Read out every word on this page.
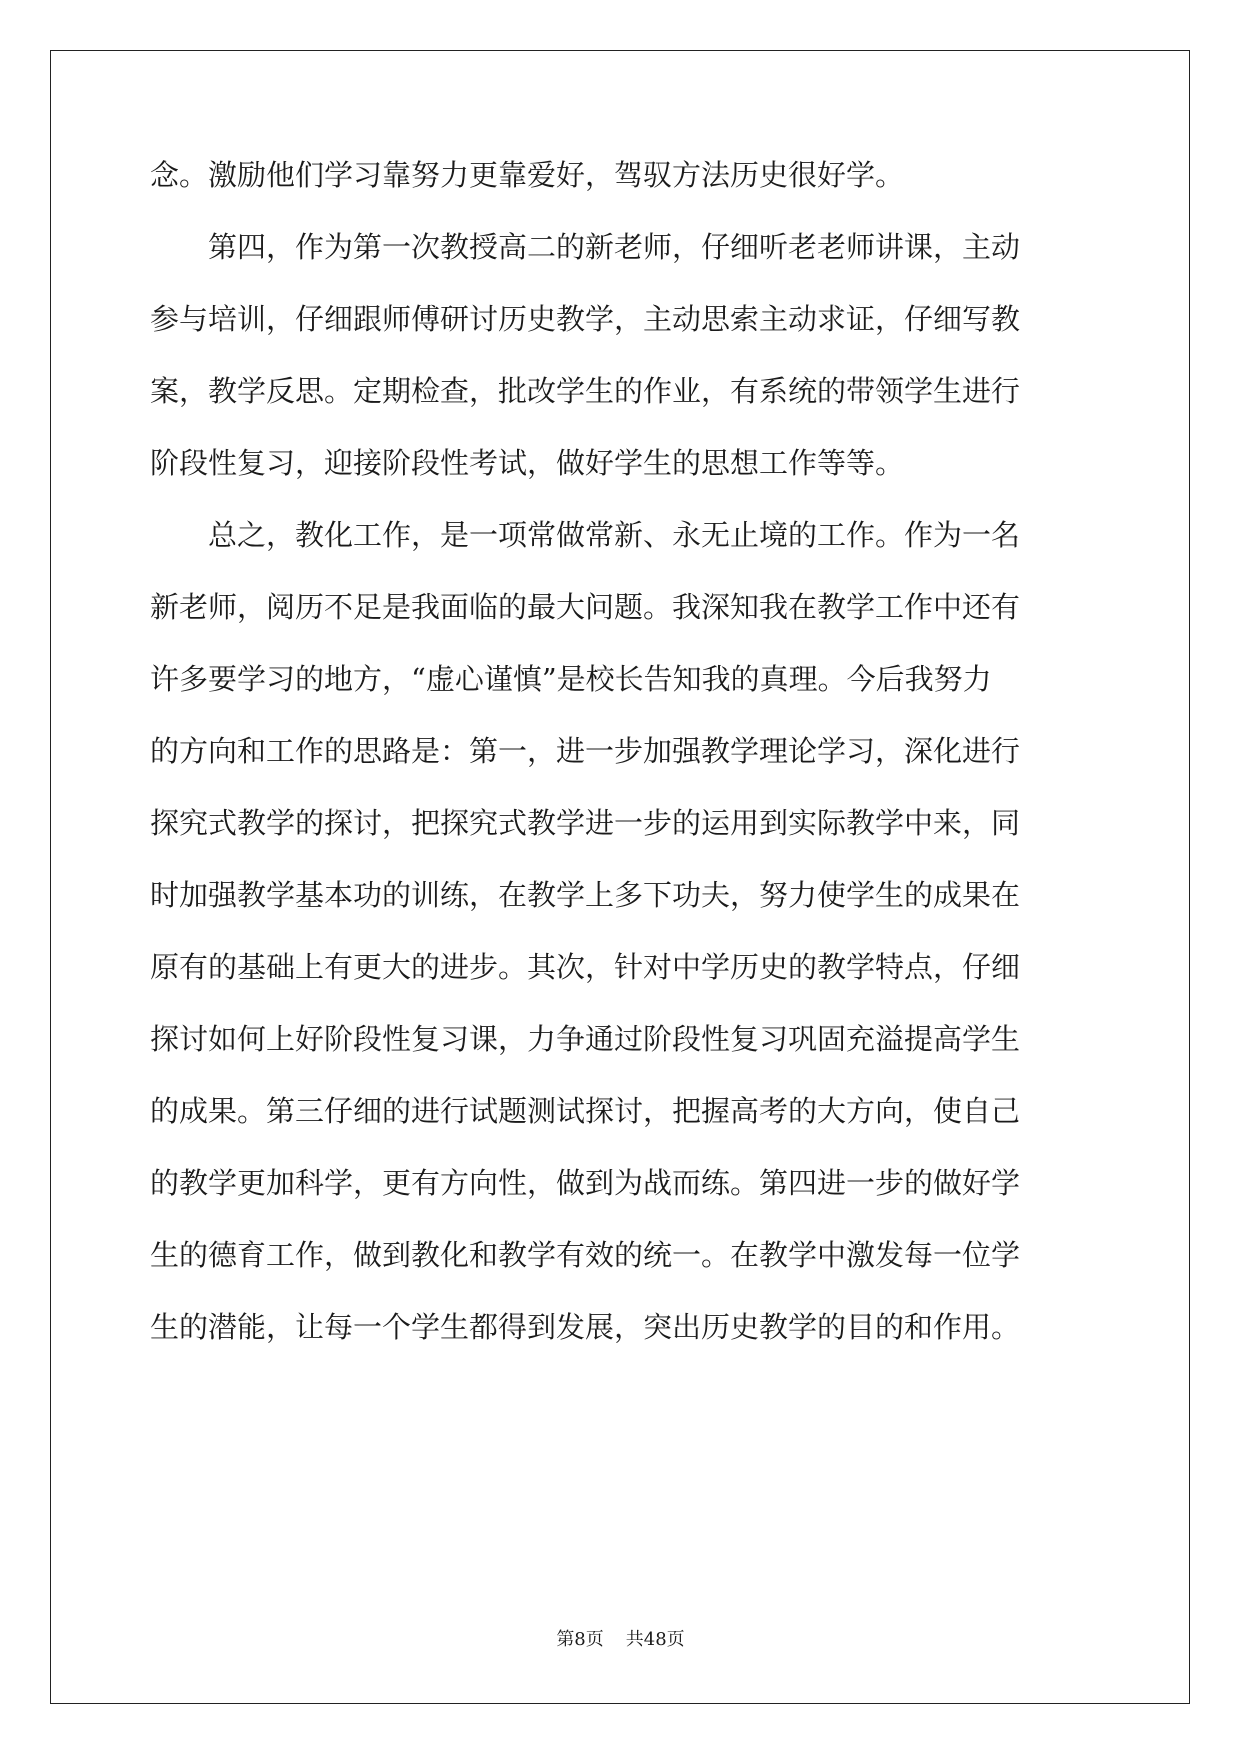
念。激励他们学习靠努力更靠爱好，驾驭方法历史很好学。
　　第四，作为第一次教授高二的新老师，仔细听老老师讲课，主动
参与培训，仔细跟师傅研讨历史教学，主动思索主动求证，仔细写教
案，教学反思。定期检查，批改学生的作业，有系统的带领学生进行
阶段性复习，迎接阶段性考试，做好学生的思想工作等等。
　　总之，教化工作，是一项常做常新、永无止境的工作。作为一名
新老师，阅历不足是我面临的最大问题。我深知我在教学工作中还有
许多要学习的地方，“虚心谨慎”是校长告知我的真理。今后我努力
的方向和工作的思路是：第一，进一步加强教学理论学习，深化进行
探究式教学的探讨，把探究式教学进一步的运用到实际教学中来，同
时加强教学基本功的训练，在教学上多下功夫，努力使学生的成果在
原有的基础上有更大的进步。其次，针对中学历史的教学特点，仔细
探讨如何上好阶段性复习课，力争通过阶段性复习巩固充溢提高学生
的成果。第三仔细的进行试题测试探讨，把握高考的大方向，使自己
的教学更加科学，更有方向性，做到为战而练。第四进一步的做好学
生的德育工作，做到教化和教学有效的统一。在教学中激发每一位学
生的潜能，让每一个学生都得到发展，突出历史教学的目的和作用。
第8页 共48页
